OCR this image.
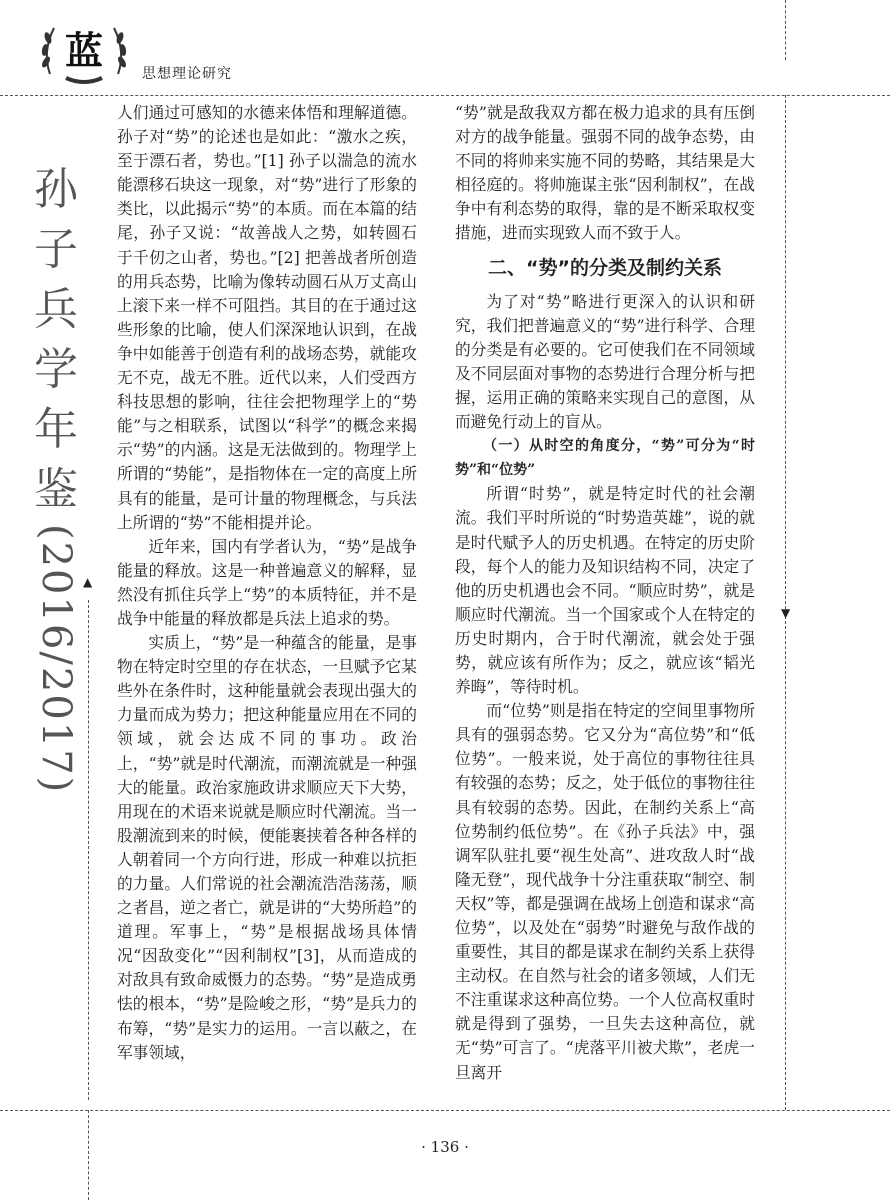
▼
▲
蓝
思想理论研究
孙
子
兵
学
年
鉴
(2016/2017)

人们通过可感知的水德来体悟和理解道德。孙子对“势”的论述也是如此：“激水之疾，至于漂石者，势也。”[1] 孙子以湍急的流水能漂移石块这一现象，对“势”进行了形象的类比，以此揭示“势”的本质。而在本篇的结尾，孙子又说：“故善战人之势，如转圆石于千仞之山者，势也。”[2] 把善战者所创造的用兵态势，比喻为像转动圆石从万丈高山上滚下来一样不可阻挡。其目的在于通过这些形象的比喻，使人们深深地认识到，在战争中如能善于创造有利的战场态势，就能攻无不克，战无不胜。近代以来，人们受西方科技思想的影响，往往会把物理学上的“势能”与之相联系，试图以“科学”的概念来揭示“势”的内涵。这是无法做到的。物理学上所谓的“势能”，是指物体在一定的高度上所具有的能量，是可计量的物理概念，与兵法上所谓的“势”不能相提并论。

近年来，国内有学者认为，“势”是战争能量的释放。这是一种普遍意义的解释，显然没有抓住兵学上“势”的本质特征，并不是战争中能量的释放都是兵法上追求的势。

实质上，“势”是一种蕴含的能量，是事物在特定时空里的存在状态，一旦赋予它某些外在条件时，这种能量就会表现出强大的力量而成为势力；把这种能量应用在不同的领域，就会达成不同的事功。政治上，“势”就是时代潮流，而潮流就是一种强大的能量。政治家施政讲求顺应天下大势，用现在的术语来说就是顺应时代潮流。当一股潮流到来的时候，便能裹挟着各种各样的人朝着同一个方向行进，形成一种难以抗拒的力量。人们常说的社会潮流浩浩荡荡，顺之者昌，逆之者亡，就是讲的“大势所趋”的道理。军事上，“势”是根据战场具体情况“因敌变化”“因利制权”[3]，从而造成的对敌具有致命威慑力的态势。“势”是造成勇怯的根本，“势”是险峻之形，“势”是兵力的布筹，“势”是实力的运用。一言以蔽之，在军事领域，

“势”就是敌我双方都在极力追求的具有压倒对方的战争能量。强弱不同的战争态势，由不同的将帅来实施不同的势略，其结果是大相径庭的。将帅施谋主张“因利制权”，在战争中有利态势的取得，靠的是不断采取权变措施，进而实现致人而不致于人。

二、“势”的分类及制约关系

为了对“势”略进行更深入的认识和研究，我们把普遍意义的“势”进行科学、合理的分类是有必要的。它可使我们在不同领域及不同层面对事物的态势进行合理分析与把握，运用正确的策略来实现自己的意图，从而避免行动上的盲从。

（一）从时空的角度分，“势”可分为“时势”和“位势”

所谓“时势”，就是特定时代的社会潮流。我们平时所说的“时势造英雄”，说的就是时代赋予人的历史机遇。在特定的历史阶段，每个人的能力及知识结构不同，决定了他的历史机遇也会不同。“顺应时势”，就是顺应时代潮流。当一个国家或个人在特定的历史时期内，合于时代潮流，就会处于强势，就应该有所作为；反之，就应该“韬光养晦”，等待时机。

而“位势”则是指在特定的空间里事物所具有的强弱态势。它又分为“高位势”和“低位势”。一般来说，处于高位的事物往往具有较强的态势；反之，处于低位的事物往往具有较弱的态势。因此，在制约关系上“高位势制约低位势”。在《孙子兵法》中，强调军队驻扎要“视生处高”、进攻敌人时“战隆无登”，现代战争十分注重获取“制空、制天权”等，都是强调在战场上创造和谋求“高位势”，以及处在“弱势”时避免与敌作战的重要性，其目的都是谋求在制约关系上获得主动权。在自然与社会的诸多领域，人们无不注重谋求这种高位势。一个人位高权重时就是得到了强势，一旦失去这种高位，就无“势”可言了。“虎落平川被犬欺”，老虎一旦离开

· 136 ·
